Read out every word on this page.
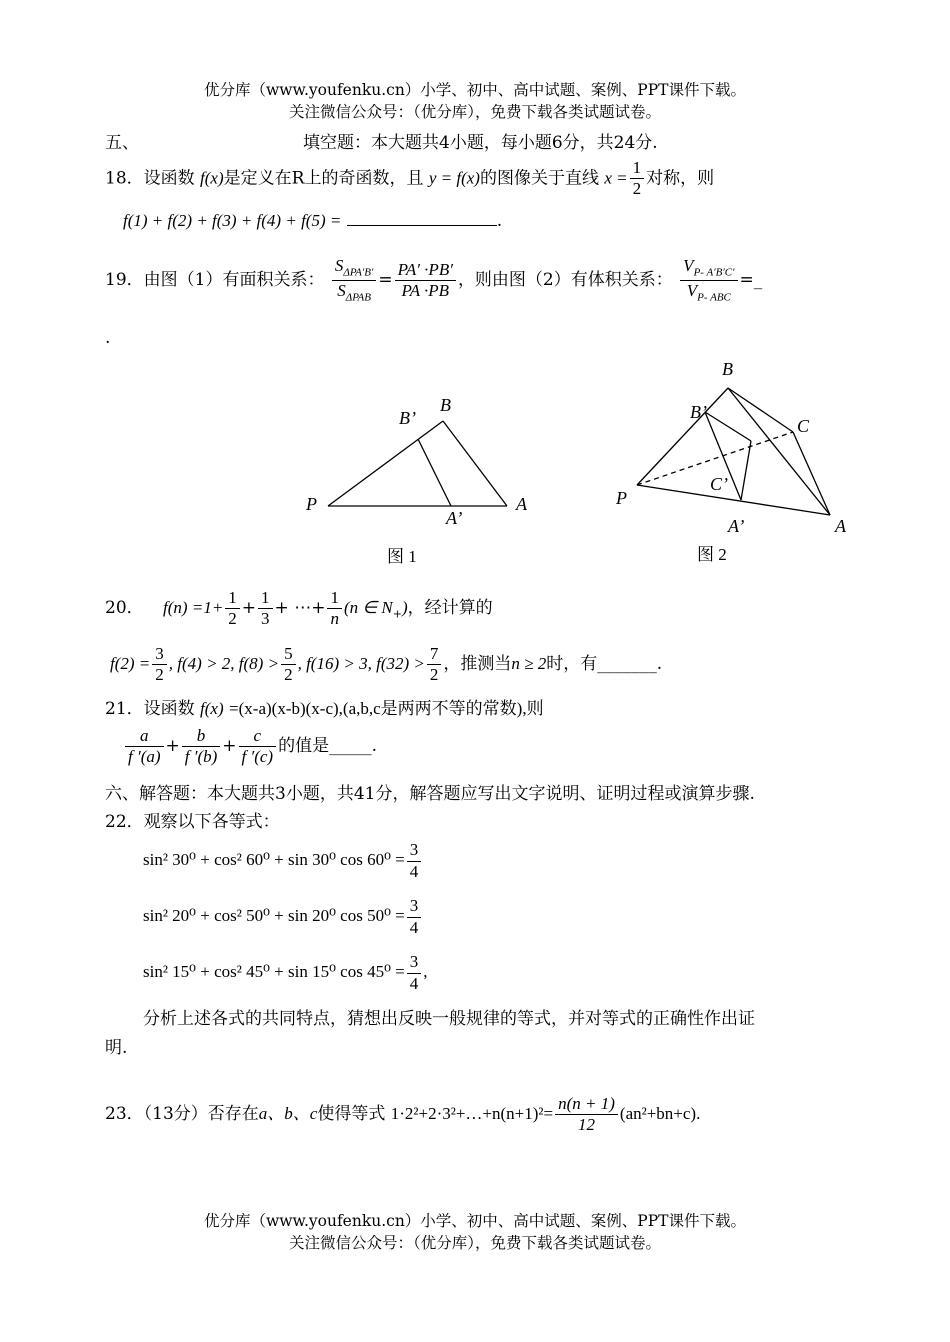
优分库（www.youfenku.cn）小学、初中、高中试题、案例、PPT课件下载。
关注微信公众号：（优分库），免费下载各类试题试卷。
五、	填空题：本大题共4小题，每小题6分，共24分.
18．设函数 f(x)是定义在R上的奇函数，且 y = f(x)的图像关于直线 $x = \frac{1}{2}$ 对称，则
f(1) + f(2) + f(3) + f(4) + f(5) =	.
19．由图（1）有面积关系： $\frac{S_{\Delta PA'B'}}{S_{\Delta PAB}} = \frac{PA' \cdot PB'}{PA \cdot PB}$ ，则由图（2）有体积关系： $\frac{V_{P- A'B'C'}}{V_{P- ABC}}$ =_
.
P	A
B
B’
A’
图 1
B
B’
C
C’
P
A’	A
图 2
20． $f(n) =1+ \frac{1}{2} + \frac{1}{3}$ + ⋯+ $\frac{1}{n} (n$ ∈ $N_+$)，经计算的
$f(2) = \frac{3}{2}$ , f(4) > 2, $f(8) > \frac{5}{2}$ , f(16) > 3, $f(32) > \frac{7}{2}$ ，推测当n ≥ 2时，有_______.
21．设函数 f(x) =(x-a)(x-b)(x-c),(a,b,c是两两不等的常数),则
$\frac{a}{f '(a)} + \frac{b}{f '(b)} + \frac{c}{f '(c)}$ 的值是_____.
六、解答题：本大题共3小题，共41分，解答题应写出文字说明、证明过程或演算步骤.
22．观察以下各等式：
sin² 30⁰ + cos² 60⁰ + sin 30⁰ $\cos 60^0 = \frac{3}{4}$
sin² 20⁰ + cos² 50⁰ + sin 20⁰ $\cos 50^0 = \frac{3}{4}$
sin² 15⁰ + cos² 45⁰ + sin 15⁰ $\cos 45^0 = \frac{3}{4}$ ,
分析上述各式的共同特点，猜想出反映一般规律的等式，并对等式的正确性作出证
明.
23．（13分）否存在a、b、c使得等式 1·2²+2·3²+…+n(n+1)²= $\frac{n(n + 1)}{12} (an^2+bn+c)$.
优分库（www.youfenku.cn）小学、初中、高中试题、案例、PPT课件下载。
关注微信公众号：（优分库），免费下载各类试题试卷。
